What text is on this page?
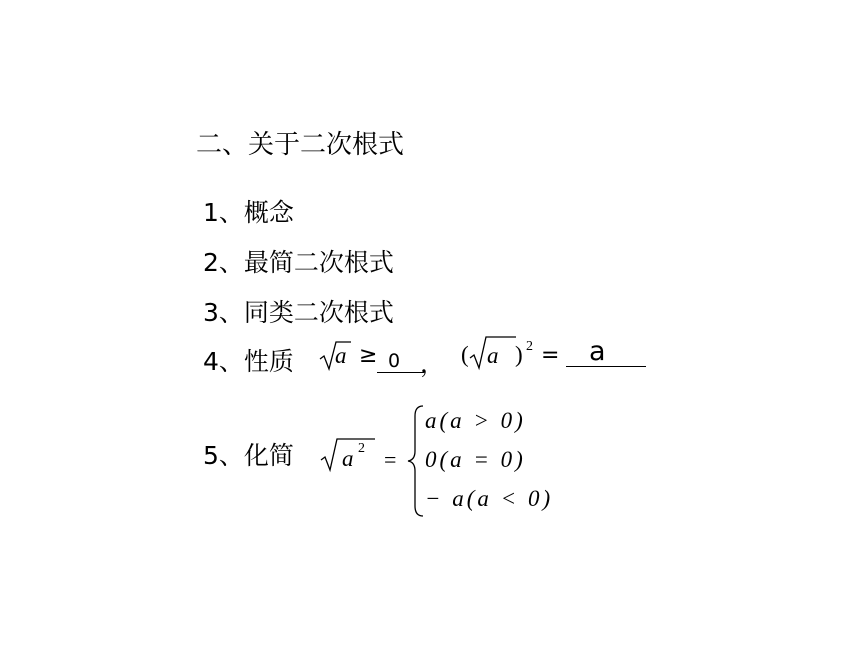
二、关于二次根式
1、概念
2、最简二次根式
3、同类二次根式
4、性质 a ≥ 0 ， ( a ) 2 = a
5、化简 a 2 =
a(a > 0)
0(a = 0)
− a(a < 0)
